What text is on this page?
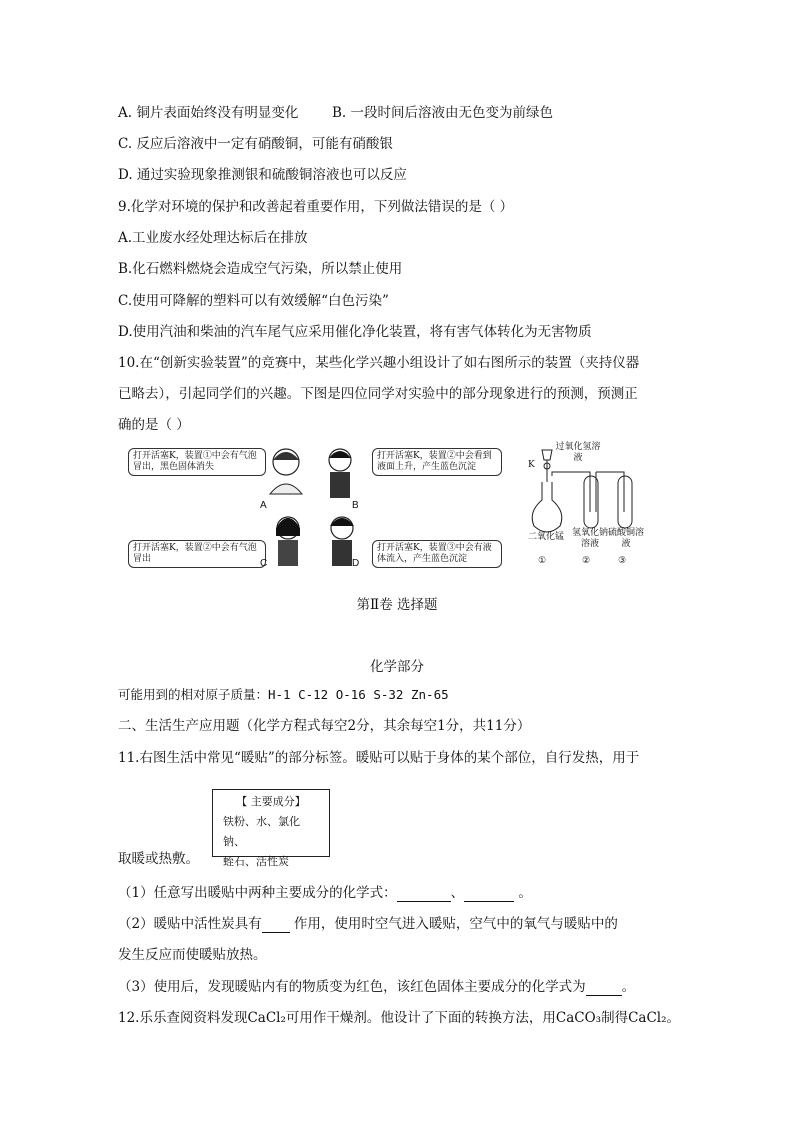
A. 铜片表面始终没有明显变化 B. 一段时间后溶液由无色变为前绿色
C. 反应后溶液中一定有硝酸铜，可能有硝酸银
D. 通过实验现象推测银和硫酸铜溶液也可以反应
9.化学对环境的保护和改善起着重要作用，下列做法错误的是（ ）
A.工业废水经处理达标后在排放
B.化石燃料燃烧会造成空气污染，所以禁止使用
C.使用可降解的塑料可以有效缓解“白色污染”
D.使用汽油和柴油的汽车尾气应采用催化净化装置，将有害气体转化为无害物质
10.在“创新实验装置”的竞赛中，某些化学兴趣小组设计了如右图所示的装置（夹持仪器
已略去），引起同学们的兴趣。下图是四位同学对实验中的部分现象进行的预测，预测正
确的是（ ）
打开活塞K，装置①中会有气泡冒出，黑色固体消失
打开活塞K，装置②中会看到液面上升，产生蓝色沉淀
打开活塞K，装置②中会有气泡冒出
打开活塞K，装置③中会有液体流入，产生蓝色沉淀
A	B
C	D
过氧化氢溶液
K
二氧化锰 氢氧化钠溶液
硫酸铜溶液
①	②	③
第Ⅱ卷 选择题
化学部分
可能用到的相对原子质量：H-1 C-12 O-16 S-32 Zn-65
二、生活生产应用题（化学方程式每空2分，其余每空1分，共11分）
11.右图生活中常见“暖贴”的部分标签。暖贴可以贴于身体的某个部位，自行发热，用于
【 主要成分】
铁粉、水、氯化钠、
蛭石、活性炭
取暖或热敷。
（1）任意写出暖贴中两种主要成分的化学式：	、	。
（2）暖贴中活性炭具有 作用，使用时空气进入暖贴，空气中的氧气与暖贴中的
发生反应而使暖贴放热。
（3）使用后，发现暖贴内有的物质变为红色，该红色固体主要成分的化学式为	。
12.乐乐查阅资料发现CaCl₂可用作干燥剂。他设计了下面的转换方法，用CaCO₃制得CaCl₂。
